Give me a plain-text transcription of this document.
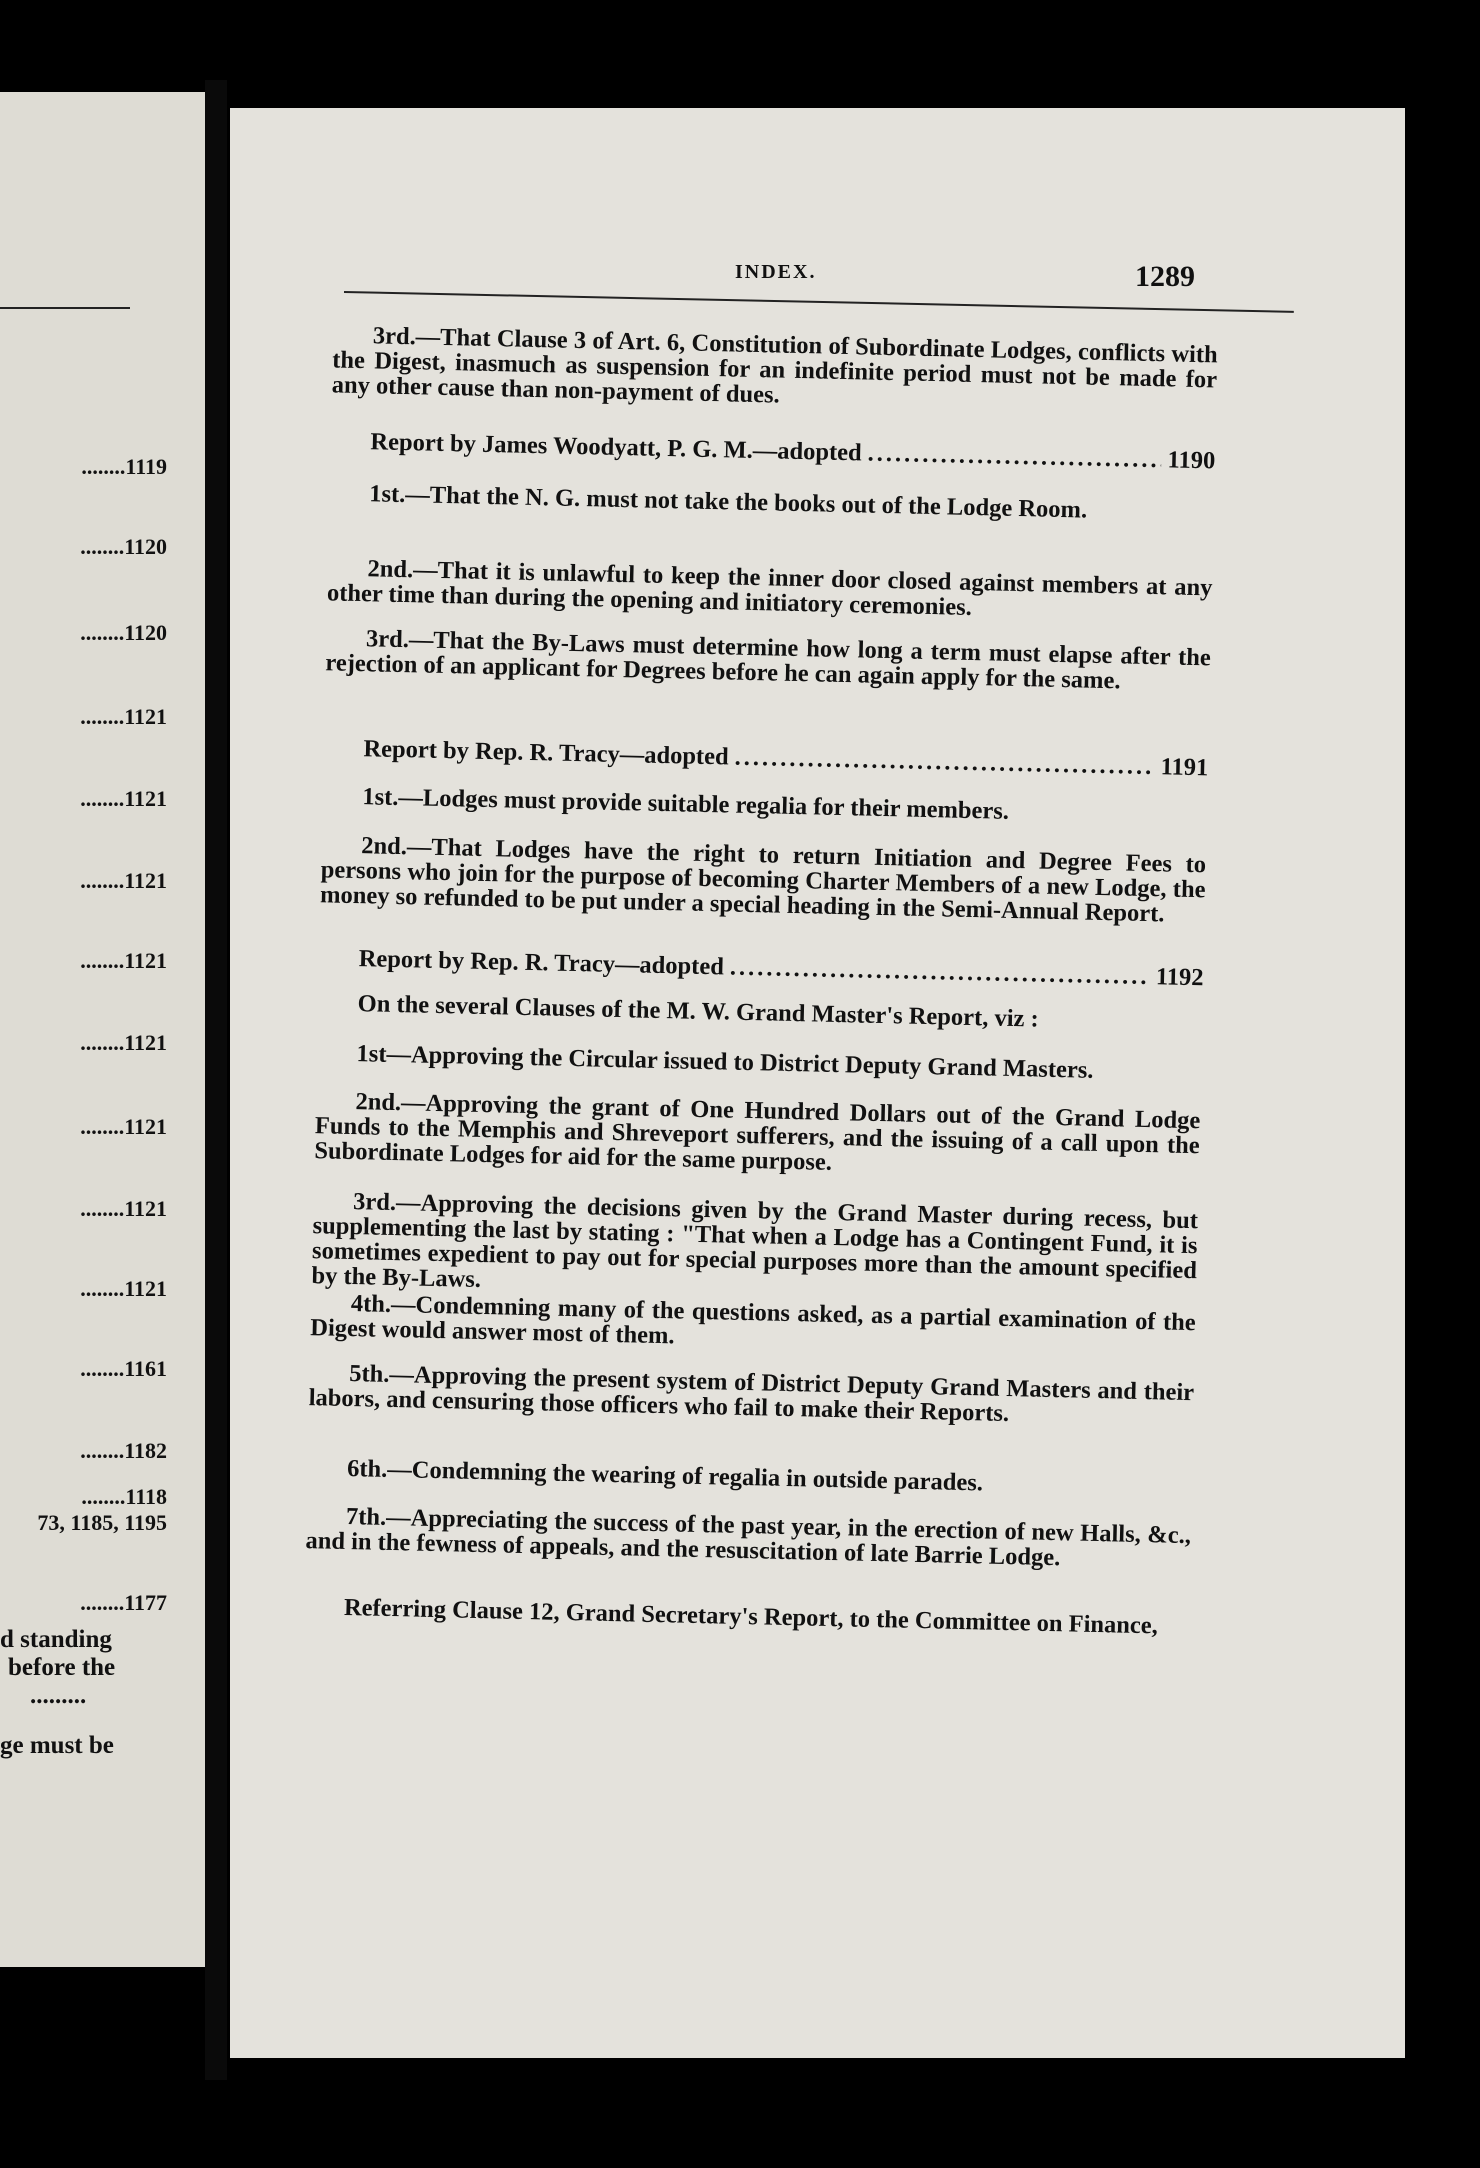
........1119
........1120
........1120
........1121
........1121
........1121
........1121
........1121
........1121
........1121
........1121
........1161
........1182
........1118
73, 1185, 1195
........1177
d standing
before the
.........
ge must be
INDEX.	1289
3rd.—That Clause 3 of Art. 6, Constitution of Subordinate Lodges, conflicts with the Digest, inasmuch as suspension for an indefinite period must not be made for any other cause than non-payment of dues.
Report by James Woodyatt, P. G. M.—adopted .....	1190
1st.—That the N. G. must not take the books out of the Lodge Room.
2nd.—That it is unlawful to keep the inner door closed against members at any other time than during the opening and initiatory ceremonies.
3rd.—That the By-Laws must determine how long a term must elapse after the rejection of an applicant for Degrees before he can again apply for the same.
Report by Rep. R. Tracy—adopted .....	1191
1st.—Lodges must provide suitable regalia for their members.
2nd.—That Lodges have the right to return Initiation and Degree Fees to persons who join for the purpose of becoming Charter Members of a new Lodge, the money so refunded to be put under a special heading in the Semi-Annual Report.
Report by Rep. R. Tracy—adopted .....	1192
On the several Clauses of the M. W. Grand Master's Report, viz :
1st—Approving the Circular issued to District Deputy Grand Masters.
2nd.—Approving the grant of One Hundred Dollars out of the Grand Lodge Funds to the Memphis and Shreveport sufferers, and the issuing of a call upon the Subordinate Lodges for aid for the same purpose.
3rd.—Approving the decisions given by the Grand Master during recess, but supplementing the last by stating : "That when a Lodge has a Contingent Fund, it is sometimes expedient to pay out for special purposes more than the amount specified by the By-Laws.
4th.—Condemning many of the questions asked, as a partial examination of the Digest would answer most of them.
5th.—Approving the present system of District Deputy Grand Masters and their labors, and censuring those officers who fail to make their Reports.
6th.—Condemning the wearing of regalia in outside parades.
7th.—Appreciating the success of the past year, in the erection of new Halls, &c., and in the fewness of appeals, and the resuscitation of late Barrie Lodge.
Referring Clause 12, Grand Secretary's Report, to the Committee on Finance,
